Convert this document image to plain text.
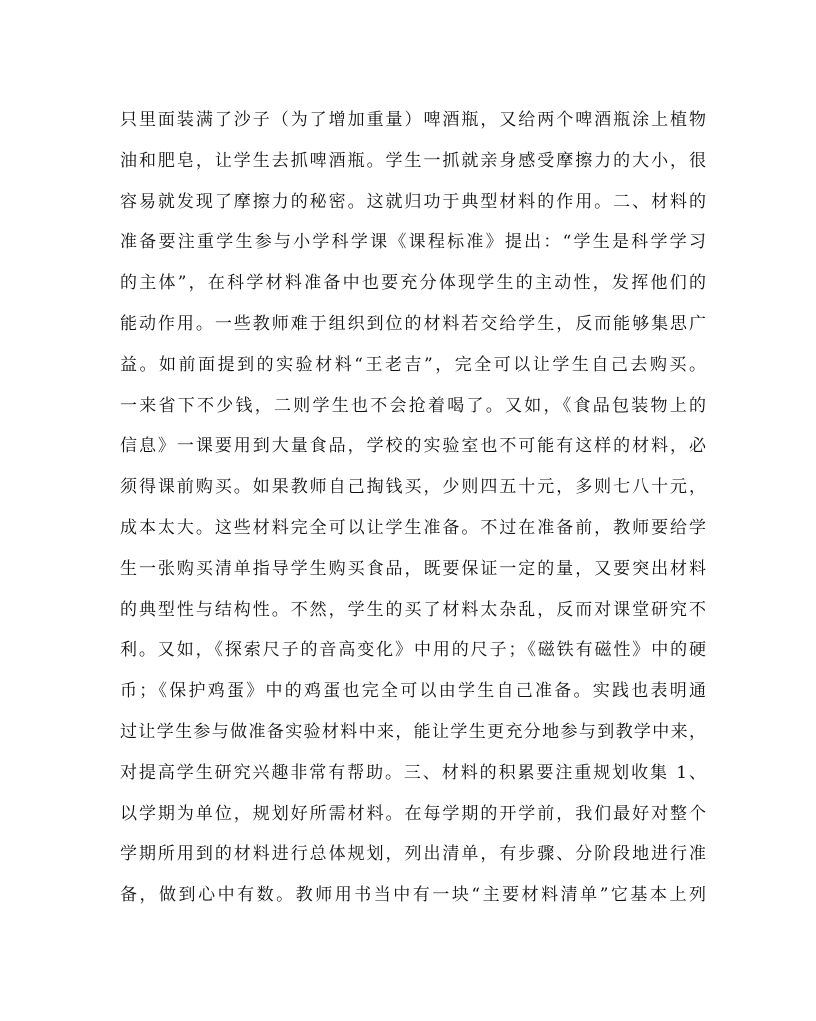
只里面装满了沙子（为了增加重量）啤酒瓶，又给两个啤酒瓶涂上植物
油和肥皂，让学生去抓啤酒瓶。学生一抓就亲身感受摩擦力的大小，很
容易就发现了摩擦力的秘密。这就归功于典型材料的作用。二、材料的
准备要注重学生参与小学科学课《课程标准》提出：“学生是科学学习
的主体”，在科学材料准备中也要充分体现学生的主动性，发挥他们的
能动作用。一些教师难于组织到位的材料若交给学生，反而能够集思广
益。如前面提到的实验材料“王老吉”，完全可以让学生自己去购买。
一来省下不少钱，二则学生也不会抢着喝了。又如，《食品包装物上的
信息》一课要用到大量食品，学校的实验室也不可能有这样的材料，必
须得课前购买。如果教师自己掏钱买，少则四五十元，多则七八十元，
成本太大。这些材料完全可以让学生准备。不过在准备前，教师要给学
生一张购买清单指导学生购买食品，既要保证一定的量，又要突出材料
的典型性与结构性。不然，学生的买了材料太杂乱，反而对课堂研究不
利。又如，《探索尺子的音高变化》中用的尺子；《磁铁有磁性》中的硬
币；《保护鸡蛋》中的鸡蛋也完全可以由学生自己准备。实践也表明通
过让学生参与做准备实验材料中来，能让学生更充分地参与到教学中来，
对提高学生研究兴趣非常有帮助。三、材料的积累要注重规划收集 1、
以学期为单位，规划好所需材料。在每学期的开学前，我们最好对整个
学期所用到的材料进行总体规划，列出清单，有步骤、分阶段地进行准
备，做到心中有数。教师用书当中有一块“主要材料清单”它基本上列
